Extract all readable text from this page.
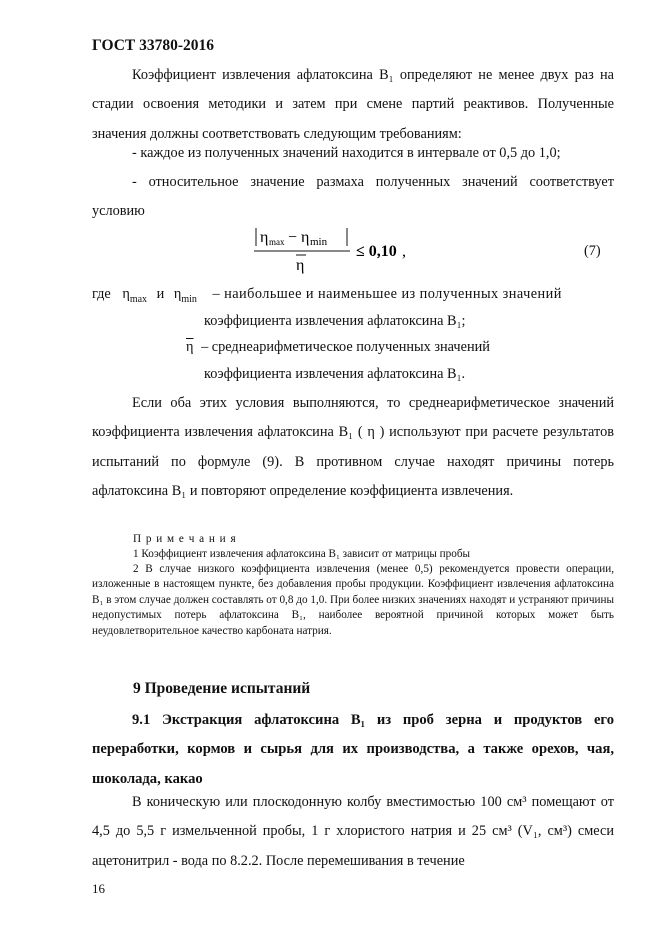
ГОСТ 33780-2016
Коэффициент извлечения афлатоксина В₁ определяют не менее двух раз на стадии освоения методики и затем при смене партий реактивов. Полученные значения должны соответствовать следующим требованиям:
- каждое из полученных значений находится в интервале от 0,5 до 1,0;
- относительное значение размаха полученных значений соответствует условию
η max − η min
η
≤ 0,10 ,	(7)
где $\eta_{max}$ и $\eta_{min}$ – наибольшее и наименьшее из полученных значений
коэффициента извлечения афлатоксина В₁;
$\overline{\eta}$ – среднеарифметическое полученных значений
коэффициента извлечения афлатоксина В₁.
Если оба этих условия выполняются, то среднеарифметическое значений коэффициента извлечения афлатоксина В₁ ( η ) используют при расчете результатов испытаний по формуле (9). В противном случае находят причины потерь афлатоксина В₁ и повторяют определение коэффициента извлечения.
П р и м е ч а н и я
1 Коэффициент извлечения афлатоксина В₁ зависит от матрицы пробы
2 В случае низкого коэффициента извлечения (менее 0,5) рекомендуется провести операции, изложенные в настоящем пункте, без добавления пробы продукции. Коэффициент извлечения афлатоксина В₁ в этом случае должен составлять от 0,8 до 1,0. При более низких значениях находят и устраняют причины недопустимых потерь афлатоксина В₁, наиболее вероятной причиной которых может быть неудовлетворительное качество карбоната натрия.
9 Проведение испытаний
9.1 Экстракция афлатоксина В₁ из проб зерна и продуктов его переработки, кормов и сырья для их производства, а также орехов, чая, шоколада, какао
В коническую или плоскодонную колбу вместимостью 100 см³ помещают от 4,5 до 5,5 г измельченной пробы, 1 г хлористого натрия и 25 см³ (V₁, см³) смеси ацетонитрил - вода по 8.2.2. После перемешивания в течение
16
